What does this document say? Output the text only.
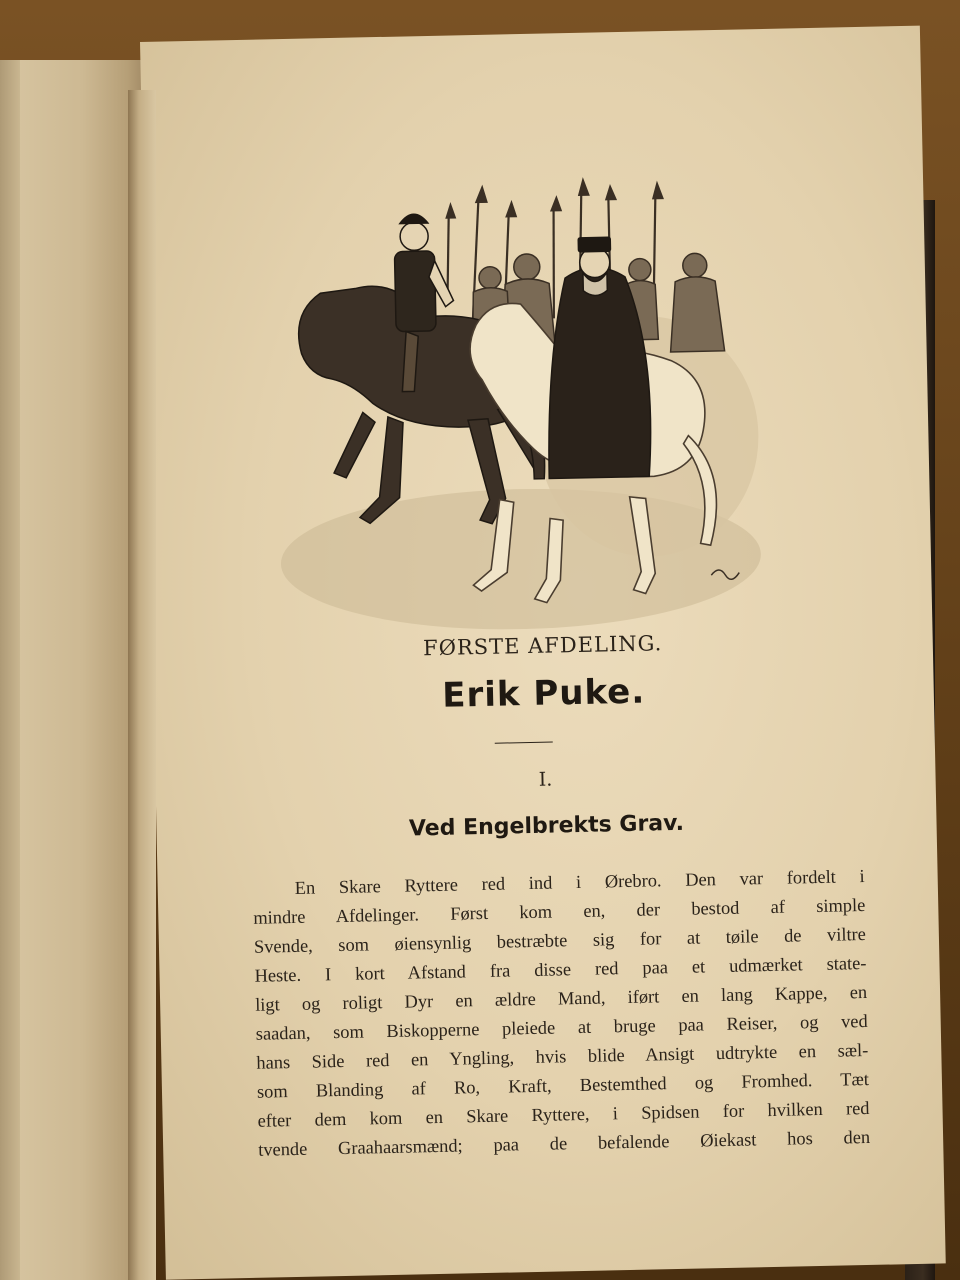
FØRSTE AFDELING.
Erik Puke.
I.
Ved Engelbrekts Grav.
En Skare Ryttere red ind i Ørebro. Den var fordelt i
mindre Afdelinger. Først kom en, der bestod af simple
Svende, som øiensynlig bestræbte sig for at tøile de viltre
Heste. I kort Afstand fra disse red paa et udmærket state-
ligt og roligt Dyr en ældre Mand, iført en lang Kappe, en
saadan, som Biskopperne pleiede at bruge paa Reiser, og ved
hans Side red en Yngling, hvis blide Ansigt udtrykte en sæl-
som Blanding af Ro, Kraft, Bestemthed og Fromhed. Tæt
efter dem kom en Skare Ryttere, i Spidsen for hvilken red
tvende Graahaarsmænd; paa de befalende Øiekast hos den
